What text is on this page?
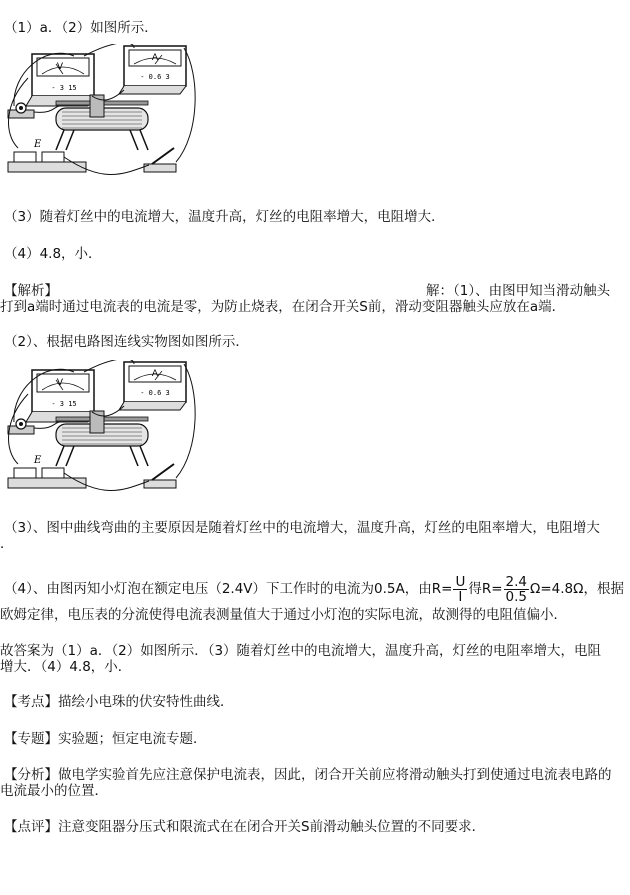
（1）a．（2）如图所示．
V
- 3 15
A
- 0.6 3
E
（3）随着灯丝中的电流增大，温度升高，灯丝的电阻率增大，电阻增大．
（4）4.8，小．
【解析】	解：（1）、由图甲知当滑动触头
打到a端时通过电流表的电流是零，为防止烧表，在闭合开关S前，滑动变阻器触头应放在a端．
（2）、根据电路图连线实物图如图所示．
V
- 3 15
A
- 0.6 3
E
（3）、图中曲线弯曲的主要原因是随着灯丝中的电流增大，温度升高，灯丝的电阻率增大，电阻增大
．
（4）、由图丙知小灯泡在额定电压（2.4V）下工作时的电流为0.5A，由$R= \frac{U}{I}$ 得$R= \frac{2.4}{0.5} \Omega=4.8\Omega$，根据
欧姆定律，电压表的分流使得电流表测量值大于通过小灯泡的实际电流，故测得的电阻值偏小．
故答案为（1）a．（2）如图所示．（3）随着灯丝中的电流增大，温度升高，灯丝的电阻率增大，电阻
增大．（4）4.8，小．
【考点】描绘小电珠的伏安特性曲线．
【专题】实验题；恒定电流专题．
【分析】做电学实验首先应注意保护电流表，因此，闭合开关前应将滑动触头打到使通过电流表电路的
电流最小的位置．
【点评】注意变阻器分压式和限流式在在闭合开关S前滑动触头位置的不同要求．
